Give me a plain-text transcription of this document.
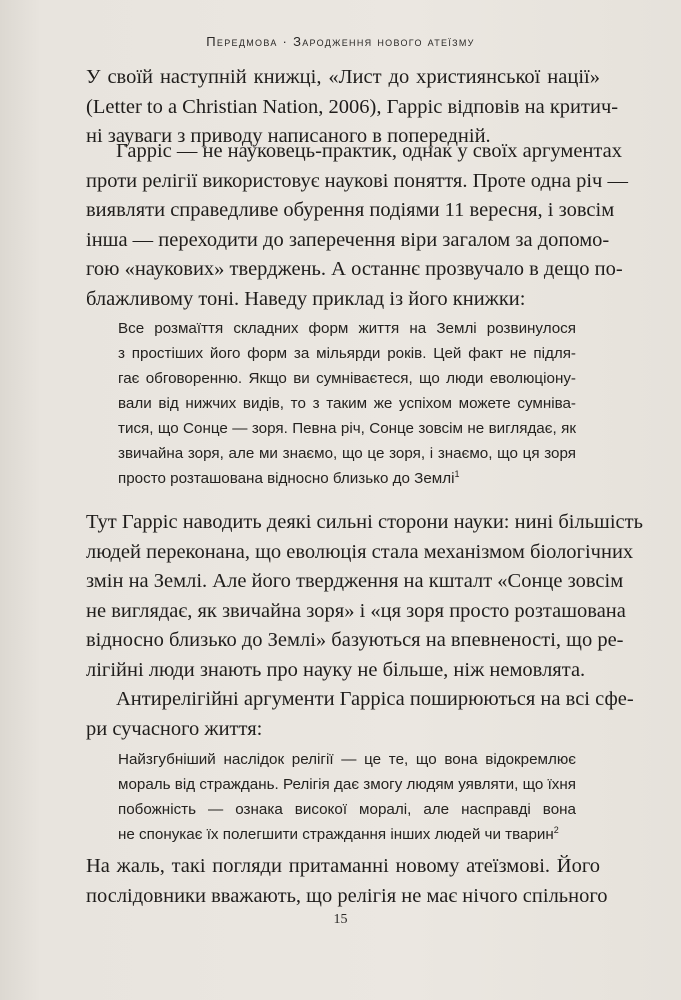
Передмова · Зародження нового атеїзму
У своїй наступній книжці, «Лист до християнської нації»
(Letter to a Christian Nation, 2006), Гарріс відповів на критич-
ні зауваги з приводу написаного в попередній.
Гарріс — не науковець-практик, однак у своїх аргументах
проти релігії використовує наукові поняття. Проте одна річ —
виявляти справедливе обурення подіями 11 вересня, і зовсім
інша — переходити до заперечення віри загалом за допомо-
гою «наукових» тверджень. А останнє прозвучало в дещо по-
блажливому тоні. Наведу приклад із його книжки:
Все розмаїття складних форм життя на Землі розвинулося
з простіших його форм за мільярди років. Цей факт не підля-
гає обговоренню. Якщо ви сумніваєтеся, що люди еволюціону-
вали від нижчих видів, то з таким же успіхом можете сумніва-
тися, що Сонце — зоря. Певна річ, Сонце зовсім не виглядає, як
звичайна зоря, але ми знаємо, що це зоря, і знаємо, що ця зоря
просто розташована відносно близько до Землі$^1$
Тут Гарріс наводить деякі сильні сторони науки: нині більшість
людей переконана, що еволюція стала механізмом біологічних
змін на Землі. Але його твердження на кшталт «Сонце зовсім
не виглядає, як звичайна зоря» і «ця зоря просто розташована
відносно близько до Землі» базуються на впевненості, що ре-
лігійні люди знають про науку не більше, ніж немовлята.
Антирелігійні аргументи Гарріса поширюються на всі сфе-
ри сучасного життя:
Найзгубніший наслідок релігії — це те, що вона відокремлює
мораль від страждань. Релігія дає змогу людям уявляти, що їхня
побожність — ознака високої моралі, але насправді вона
не спонукає їх полегшити страждання інших людей чи тварин$^2$
На жаль, такі погляди притаманні новому атеїзмові. Його
послідовники вважають, що релігія не має нічого спільного
15
